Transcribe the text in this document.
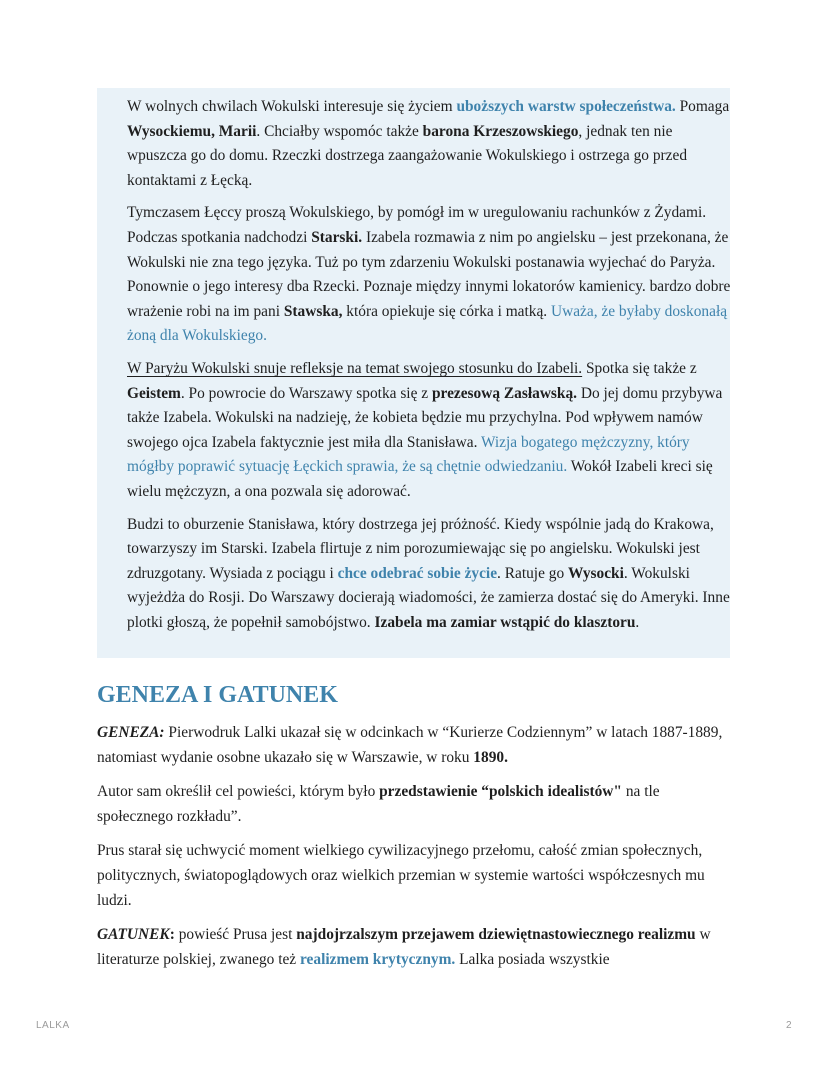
W wolnych chwilach Wokulski interesuje się życiem uboższych warstw społeczeństwa. Pomaga Wysockiemu, Marii. Chciałby wspomóc także barona Krzeszowskiego, jednak ten nie wpuszcza go do domu. Rzeczki dostrzega zaangażowanie Wokulskiego i ostrzega go przed kontaktami z Łęcką.

Tymczasem Łęccy proszą Wokulskiego, by pomógł im w uregulowaniu rachunków z Żydami. Podczas spotkania nadchodzi Starski. Izabela rozmawia z nim po angielsku – jest przekonana, że Wokulski nie zna tego języka. Tuż po tym zdarzeniu Wokulski postanawia wyjechać do Paryża. Ponownie o jego interesy dba Rzecki. Poznaje między innymi lokatorów kamienicy. bardzo dobre wrażenie robi na im pani Stawska, która opiekuje się córka i matką. Uważa, że byłaby doskonałą żoną dla Wokulskiego.

W Paryżu Wokulski snuje refleksje na temat swojego stosunku do Izabeli. Spotka się także z Geistem. Po powrocie do Warszawy spotka się z prezesową Zasławską. Do jej domu przybywa także Izabela. Wokulski na nadzieję, że kobieta będzie mu przychylna. Pod wpływem namów swojego ojca Izabela faktycznie jest miła dla Stanisława. Wizja bogatego mężczyzny, który mógłby poprawić sytuację Łęckich sprawia, że są chętnie odwiedzaniu. Wokół Izabeli kreci się wielu mężczyzn, a ona pozwala się adorować.

Budzi to oburzenie Stanisława, który dostrzega jej próżność. Kiedy wspólnie jadą do Krakowa, towarzyszy im Starski. Izabela flirtuje z nim porozumiewając się po angielsku. Wokulski jest zdruzgotany. Wysiada z pociągu i chce odebrać sobie życie. Ratuje go Wysocki. Wokulski wyjeżdża do Rosji. Do Warszawy docierają wiadomości, że zamierza dostać się do Ameryki. Inne plotki głoszą, że popełnił samobójstwo. Izabela ma zamiar wstąpić do klasztoru.

GENEZA I GATUNEK

GENEZA: Pierwodruk Lalki ukazał się w odcinkach w “Kurierze Codziennym” w latach 1887-1889, natomiast wydanie osobne ukazało się w Warszawie, w roku 1890.

Autor sam określił cel powieści, którym było przedstawienie “polskich idealistów" na tle społecznego rozkładu”.

Prus starał się uchwycić moment wielkiego cywilizacyjnego przełomu, całość zmian społecznych, politycznych, światopoglądowych oraz wielkich przemian w systemie wartości współczesnych mu ludzi.

GATUNEK: powieść Prusa jest najdojrzalszym przejawem dziewiętnastowiecznego realizmu w literaturze polskiej, zwanego też realizmem krytycznym. Lalka posiada wszystkie

LALKA	2
